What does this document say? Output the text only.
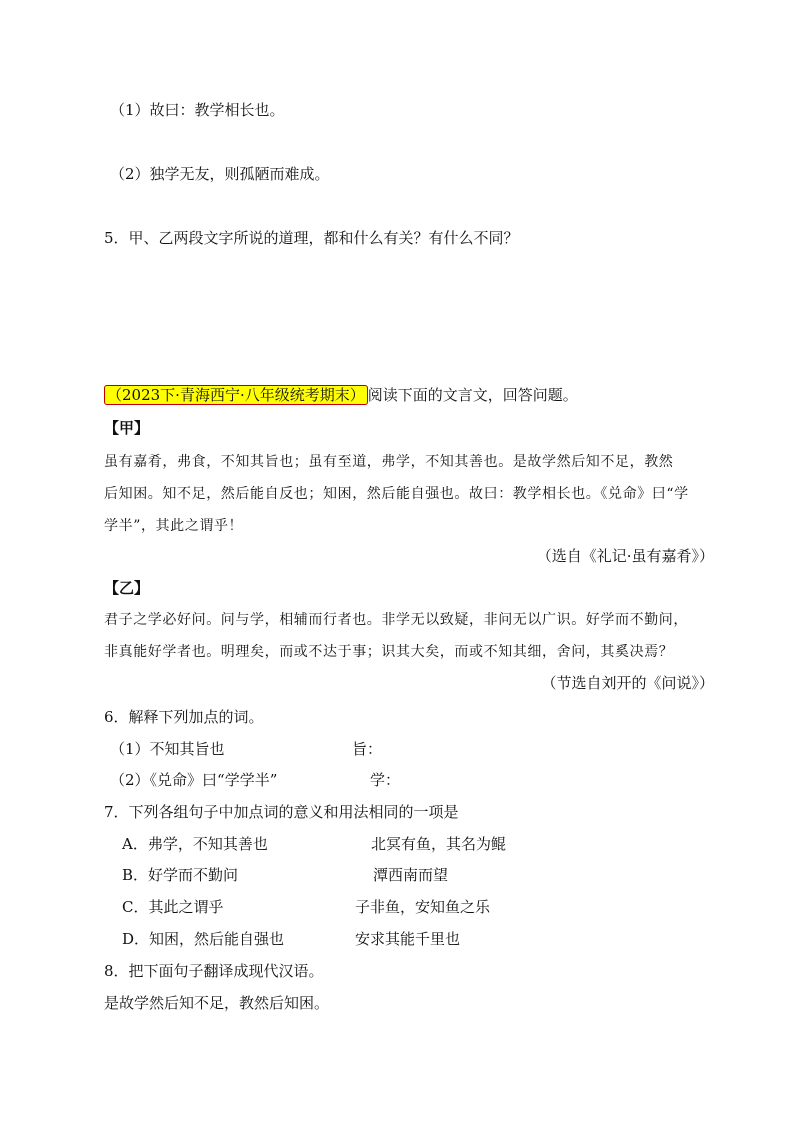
（1）故曰：教学相长也。
（2）独学无友，则孤陋而难成。
5．甲、乙两段文字所说的道理，都和什么有关？有什么不同？
（2023下·青海西宁·八年级统考期末） 阅读下面的文言文，回答问题。
【甲】
虽有嘉肴，弗食，不知其旨也；虽有至道，弗学，不知其善也。是故学然后知不足，教然
后知困。知不足，然后能自反也；知困，然后能自强也。故曰：教学相长也。《兑命》曰“学
学半”，其此之谓乎！
（选自《礼记·虽有嘉肴》）
【乙】
君子之学必好问。问与学，相辅而行者也。非学无以致疑，非问无以广识。好学而不勤问，
非真能好学者也。明理矣，而或不达于事；识其大矣，而或不知其细，舍问，其奚决焉？
（节选自刘开的《问说》）
6．解释下列加点的词。
（1）不知其旨也	旨：
（2）《兑命》曰“学学半”	学：
7．下列各组句子中加点词的意义和用法相同的一项是
A．弗学，不知其善也	北冥有鱼，其名为鲲
B．好学而不勤问	潭西南而望
C．其此之谓乎	子非鱼，安知鱼之乐
D．知困，然后能自强也	安求其能千里也
8．把下面句子翻译成现代汉语。
是故学然后知不足，教然后知困。
